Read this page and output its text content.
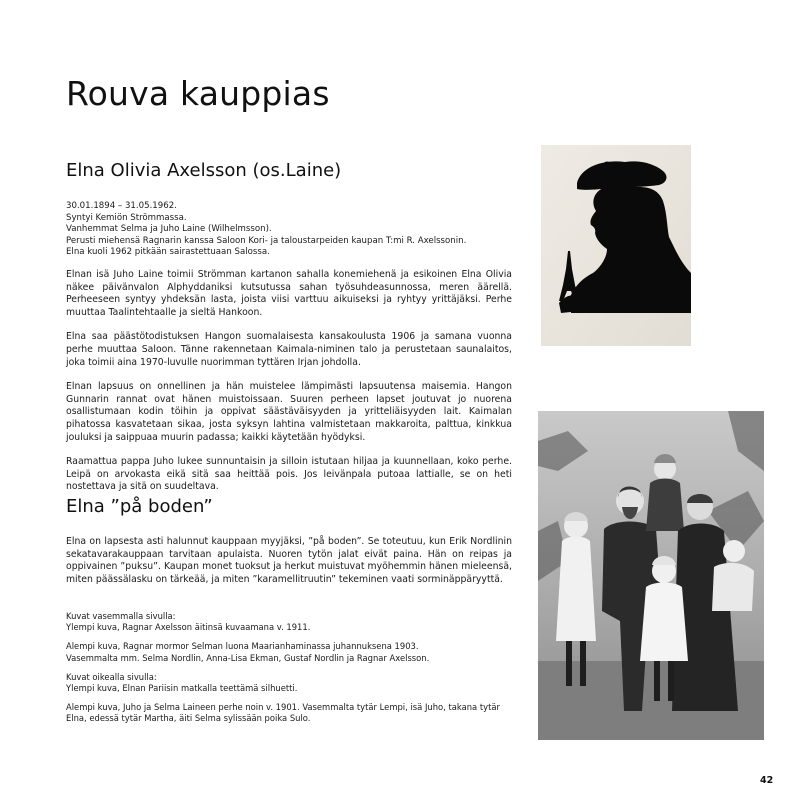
Rouva kauppias
Elna Olivia Axelsson (os.Laine)

30.01.1894 – 31.05.1962.

Syntyi Kemiön Strömmassa.

Vanhemmat Selma ja Juho Laine (Wilhelmsson).

Perusti miehensä Ragnarin kanssa Saloon Kori- ja taloustarpeiden kaupan T:mi R. Axelssonin.

Elna kuoli 1962 pitkään sairastettuaan Salossa.

Elnan isä Juho Laine toimii Strömman kartanon sahalla konemiehenä ja esikoinen Elna Olivia näkee päivänvalon Alphyddaniksi kutsutussa sahan työsuhdeasunnossa, meren äärellä. Perheeseen syntyy yhdeksän lasta, joista viisi varttuu aikuiseksi ja ryhtyy yrittäjäksi. Perhe muuttaa Taalintehtaalle ja sieltä Hankoon.

Elna saa päästötodistuksen Hangon suomalaisesta kansakoulusta 1906 ja samana vuonna perhe muuttaa Saloon. Tänne rakennetaan Kaimala-niminen talo ja perustetaan saunalaitos, joka toimii aina 1970-luvulle nuorimman tyttären Irjan johdolla.

Elnan lapsuus on onnellinen ja hän muistelee lämpimästi lapsuutensa maisemia. Hangon Gunnarin rannat ovat hänen muistoissaan. Suuren perheen lapset joutuvat jo nuorena osallistumaan kodin töihin ja oppivat säästäväisyyden ja yritteliäisyyden lait. Kaimalan pihatossa kasvatetaan sikaa, josta syksyn lahtina valmistetaan makkaroita, palttua, kinkkua jouluksi ja saippuaa muurin padassa; kaikki käytetään hyödyksi.

Raamattua pappa Juho lukee sunnuntaisin ja silloin istutaan hiljaa ja kuunnellaan, koko perhe. Leipä on arvokasta eikä sitä saa heittää pois. Jos leivänpala putoaa lattialle, se on heti nostettava ja sitä on suudeltava.

Elna ”på boden”

Elna on lapsesta asti halunnut kauppaan myyjäksi, ”på boden”. Se toteutuu, kun Erik Nordlinin sekatavarakauppaan tarvitaan apulaista. Nuoren tytön jalat eivät paina. Hän on reipas ja oppivainen ”puksu”. Kaupan monet tuoksut ja herkut muistuvat myöhemmin hänen mieleensä, miten päässälasku on tärkeää, ja miten ”karamellitruutin” tekeminen vaati sorminäppäryyttä.

Kuvat vasemmalla sivulla:
Ylempi kuva, Ragnar Axelsson äitinsä kuvaamana v. 1911.

Alempi kuva, Ragnar mormor Selman luona Maarianhaminassa juhannuksena 1903.
Vasemmalta mm. Selma Nordlin, Anna-Lisa Ekman, Gustaf Nordlin ja Ragnar Axelsson.

Kuvat oikealla sivulla:
Ylempi kuva, Elnan Pariisin matkalla teettämä silhuetti.

Alempi kuva, Juho ja Selma Laineen perhe noin v. 1901. Vasemmalta tytär Lempi, isä Juho, takana tytär Elna, edessä tytär Martha, äiti Selma sylissään poika Sulo.

42
